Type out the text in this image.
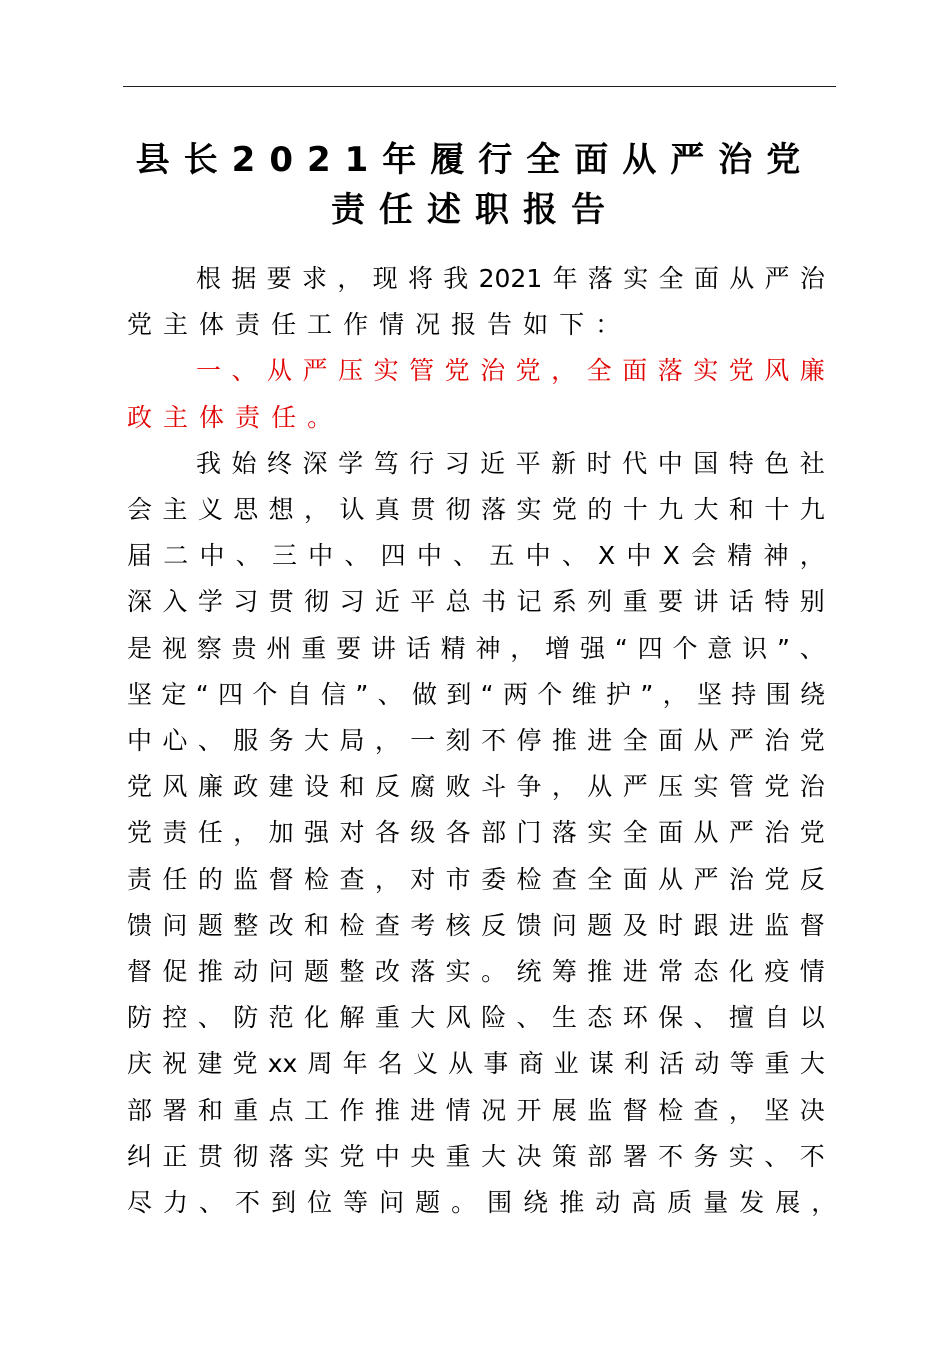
县长2021年履行全面从严治党
责任述职报告
根 据 要 求 ， 现 将 我 2021 年 落 实 全 面 从 严 治
党 主 体 责 任 工 作 情 况 报 告 如 下 ：
一 、 从 严 压 实 管 党 治 党 ， 全 面 落 实 党 风 廉
政 主 体 责 任 。
我 始 终 深 学 笃 行 习 近 平 新 时 代 中 国 特 色 社
会 主 义 思 想 ， 认 真 贯 彻 落 实 党 的 十 九 大 和 十 九
届 二 中 、 三 中 、 四 中 、 五 中 、 X 中 X 会 精 神 ，
深 入 学 习 贯 彻 习 近 平 总 书 记 系 列 重 要 讲 话 特 别
是 视 察 贵 州 重 要 讲 话 精 神 ， 增 强 “ 四 个 意 识 ” 、
坚 定 “ 四 个 自 信 ” 、 做 到 “ 两 个 维 护 ” ， 坚 持 围 绕
中 心 、 服 务 大 局 ， 一 刻 不 停 推 进 全 面 从 严 治 党
党 风 廉 政 建 设 和 反 腐 败 斗 争 ， 从 严 压 实 管 党 治
党 责 任 ， 加 强 对 各 级 各 部 门 落 实 全 面 从 严 治 党
责 任 的 监 督 检 查 ， 对 市 委 检 查 全 面 从 严 治 党 反
馈 问 题 整 改 和 检 查 考 核 反 馈 问 题 及 时 跟 进 监 督
督 促 推 动 问 题 整 改 落 实 。 统 筹 推 进 常 态 化 疫 情
防 控 、 防 范 化 解 重 大 风 险 、 生 态 环 保 、 擅 自 以
庆 祝 建 党 xx 周 年 名 义 从 事 商 业 谋 利 活 动 等 重 大
部 署 和 重 点 工 作 推 进 情 况 开 展 监 督 检 查 ， 坚 决
纠 正 贯 彻 落 实 党 中 央 重 大 决 策 部 署 不 务 实 、 不
尽 力 、 不 到 位 等 问 题 。 围 绕 推 动 高 质 量 发 展 ，
